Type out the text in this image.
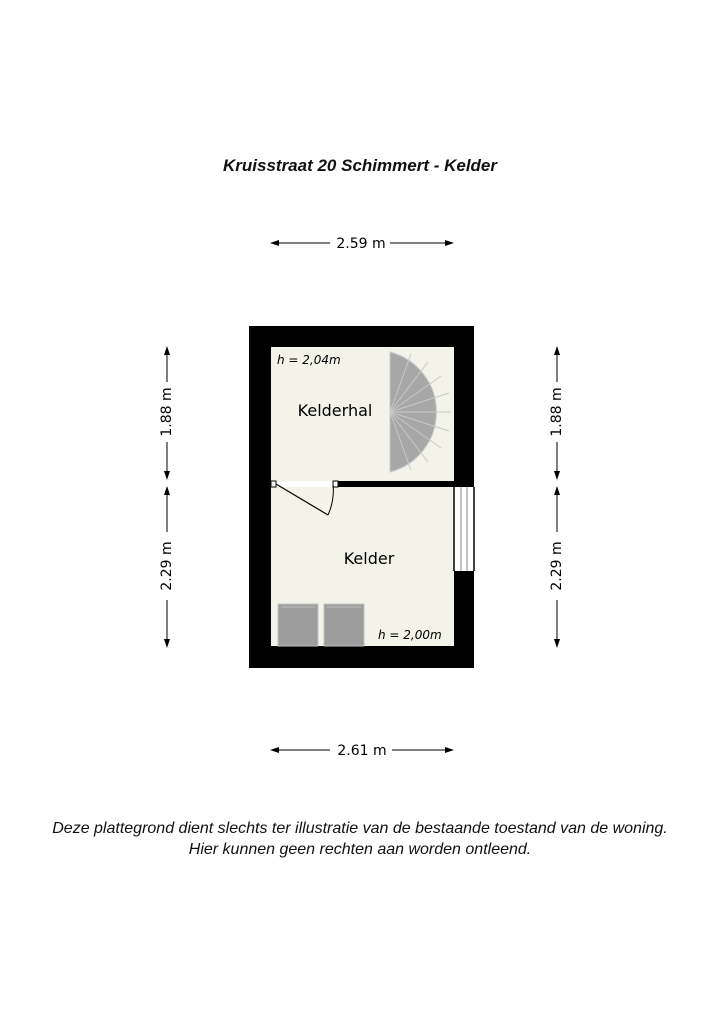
Kruisstraat 20 Schimmert - Kelder
2.59 m
2.61 m
1.88 m
2.29 m
1.88 m
2.29 m
h = 2,04m
Kelderhal
Kelder
h = 2,00m
Deze plattegrond dient slechts ter illustratie van de bestaande toestand van de woning.
Hier kunnen geen rechten aan worden ontleend.
